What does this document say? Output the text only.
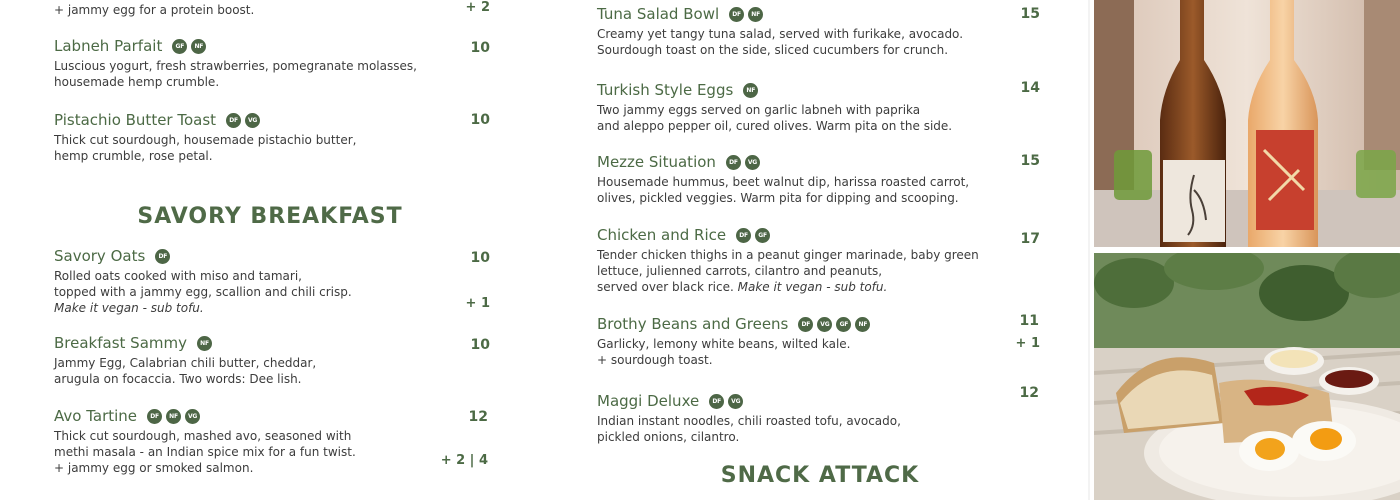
+ jammy egg for a protein boost.	+ 2
Labneh Parfait	GF	NF
Luscious yogurt, fresh strawberries, pomegranate molasses,
housemade hemp crumble.
10
Pistachio Butter Toast	DF	VG
Thick cut sourdough, housemade pistachio butter,
hemp crumble, rose petal.
10
SAVORY BREAKFAST
Savory Oats	DF
Rolled oats cooked with miso and tamari,
topped with a jammy egg, scallion and chili crisp.
Make it vegan - sub tofu.
10
+ 1
Breakfast Sammy	NF
Jammy Egg, Calabrian chili butter, cheddar,
arugula on focaccia. Two words: Dee lish.
10
Avo Tartine	DF	NF	VG
Thick cut sourdough, mashed avo, seasoned with
methi masala - an Indian spice mix for a fun twist.
+ jammy egg or smoked salmon.
12
+ 2 | 4
Tuna Salad Bowl	DF	NF
Creamy yet tangy tuna salad, served with furikake, avocado.
Sourdough toast on the side, sliced cucumbers for crunch.
15
Turkish Style Eggs	NF
Two jammy eggs served on garlic labneh with paprika
and aleppo pepper oil, cured olives. Warm pita on the side.
14
Mezze Situation	DF	VG
Housemade hummus, beet walnut dip, harissa roasted carrot,
olives, pickled veggies. Warm pita for dipping and scooping.
15
Chicken and Rice	DF	GF
Tender chicken thighs in a peanut ginger marinade, baby green
lettuce, julienned carrots, cilantro and peanuts,
served over black rice. Make it vegan - sub tofu.
17
Brothy Beans and Greens	DF	VG	GF	NF
Garlicky, lemony white beans, wilted kale.
+ sourdough toast.
11
+ 1
Maggi Deluxe	DF	VG
Indian instant noodles, chili roasted tofu, avocado,
pickled onions, cilantro.
12
SNACK ATTACK
